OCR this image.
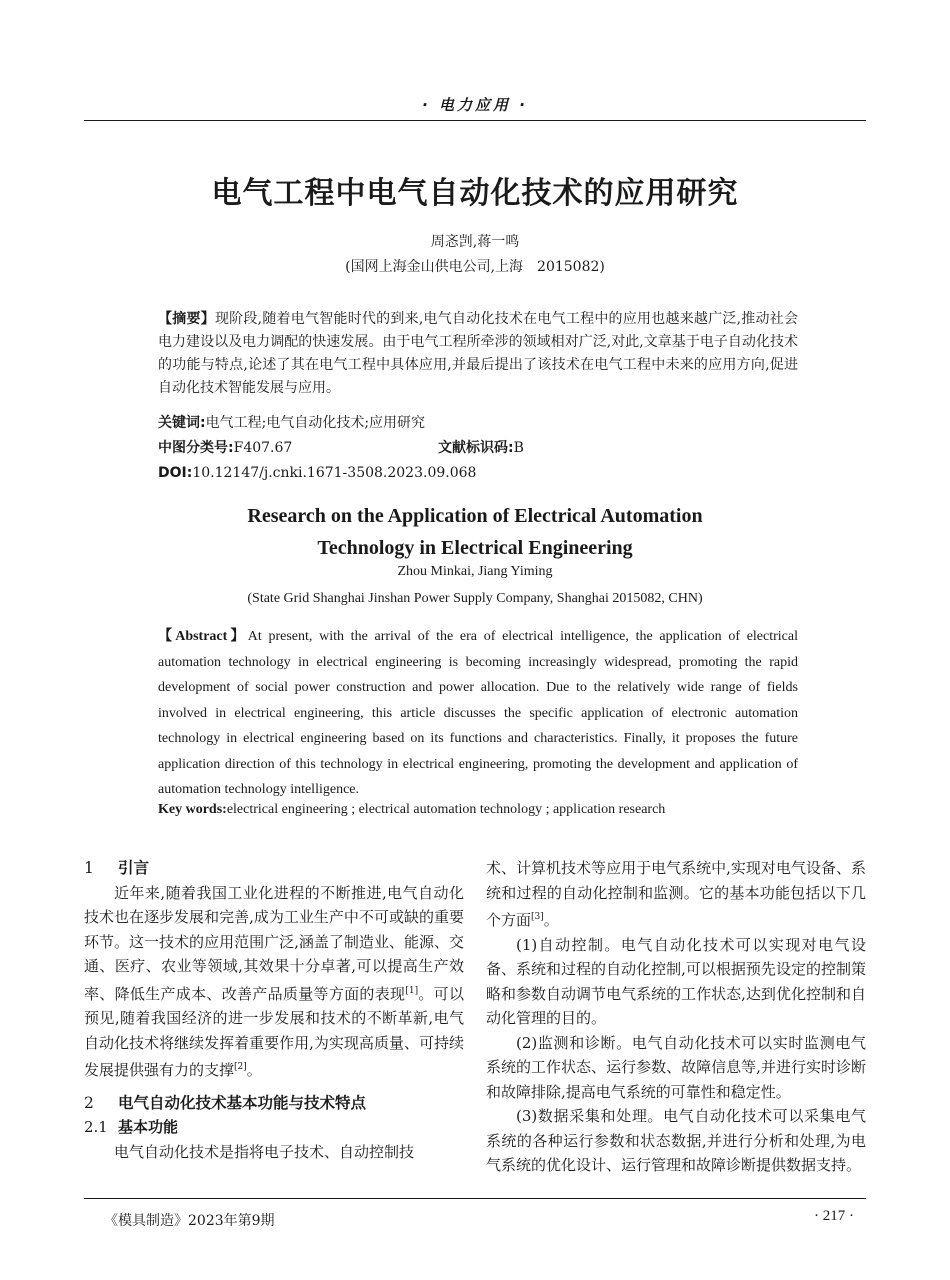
· 电力应用 ·
电气工程中电气自动化技术的应用研究
周忞剀,蒋一鸣
(国网上海金山供电公司,上海　2015082)
【摘要】现阶段,随着电气智能时代的到来,电气自动化技术在电气工程中的应用也越来越广泛,推动社会电力建设以及电力调配的快速发展。由于电气工程所牵涉的领域相对广泛,对此,文章基于电子自动化技术的功能与特点,论述了其在电气工程中具体应用,并最后提出了该技术在电气工程中未来的应用方向,促进自动化技术智能发展与应用。
关键词:电气工程;电气自动化技术;应用研究
中图分类号:F407.67	文献标识码:B
DOI:10.12147/j.cnki.1671-3508.2023.09.068
Research on the Application of Electrical Automation
Technology in Electrical Engineering
Zhou Minkai, Jiang Yiming
(State Grid Shanghai Jinshan Power Supply Company, Shanghai 2015082, CHN)
【Abstract】At present, with the arrival of the era of electrical intelligence, the application of electrical automation technology in electrical engineering is becoming increasingly widespread, promoting the rapid development of social power construction and power allocation. Due to the relatively wide range of fields involved in electrical engineering, this article discusses the specific application of electronic automation technology in electrical engineering based on its functions and characteristics. Finally, it proposes the future application direction of this technology in electrical engineering, promoting the development and application of automation technology intelligence.
Key words:electrical engineering ; electrical automation technology ; application research
1 引言

近年来,随着我国工业化进程的不断推进,电气自动化技术也在逐步发展和完善,成为工业生产中不可或缺的重要环节。这一技术的应用范围广泛,涵盖了制造业、能源、交通、医疗、农业等领域,其效果十分卓著,可以提高生产效率、降低生产成本、改善产品质量等方面的表现[1]。可以预见,随着我国经济的进一步发展和技术的不断革新,电气自动化技术将继续发挥着重要作用,为实现高质量、可持续发展提供强有力的支撑[2]。

2 电气自动化技术基本功能与技术特点
2.1 基本功能

电气自动化技术是指将电子技术、自动控制技

术、计算机技术等应用于电气系统中,实现对电气设备、系统和过程的自动化控制和监测。它的基本功能包括以下几个方面[3]。

(1)自动控制。电气自动化技术可以实现对电气设备、系统和过程的自动化控制,可以根据预先设定的控制策略和参数自动调节电气系统的工作状态,达到优化控制和自动化管理的目的。

(2)监测和诊断。电气自动化技术可以实时监测电气系统的工作状态、运行参数、故障信息等,并进行实时诊断和故障排除,提高电气系统的可靠性和稳定性。

(3)数据采集和处理。电气自动化技术可以采集电气系统的各种运行参数和状态数据,并进行分析和处理,为电气系统的优化设计、运行管理和故障诊断提供数据支持。

《模具制造》2023年第9期	· 217 ·
